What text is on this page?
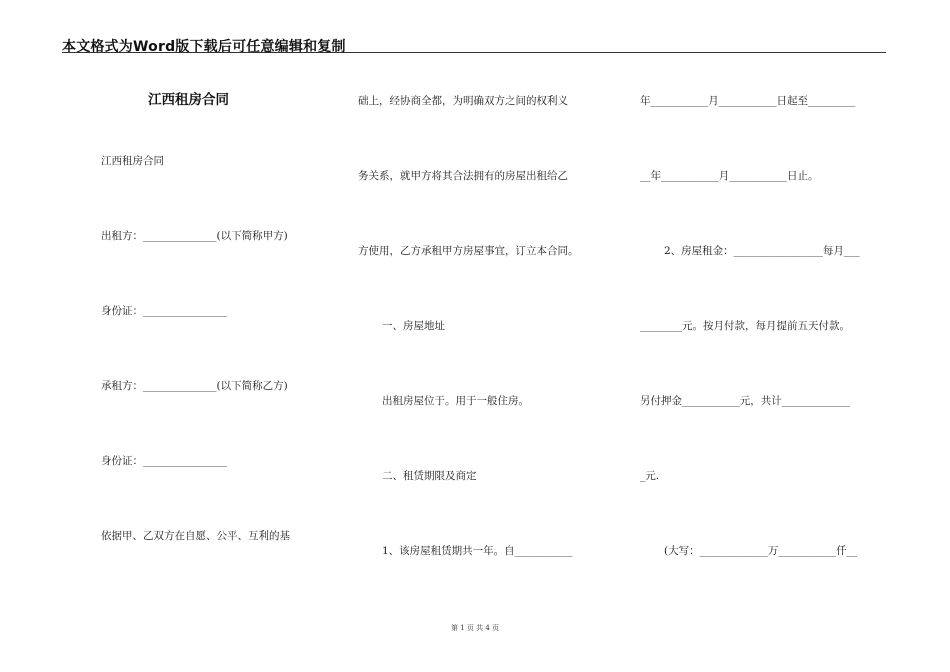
本文格式为Word版下载后可任意编辑和复制
江西租房合同
江西租房合同
出租方：______________(以下简称甲方)
身份证：________________
承租方：______________(以下简称乙方)
身份证：________________
依据甲、乙双方在自愿、公平、互利的基
础上，经协商全都，为明确双方之间的权利义
务关系，就甲方将其合法拥有的房屋出租给乙
方使用，乙方承租甲方房屋事宜，订立本合同。
一、房屋地址
出租房屋位于。用于一般住房。
二、租赁期限及商定
1、该房屋租赁期共一年。自___________
年___________月___________日起至_________
__年___________月___________日止。
2、房屋租金：_________________每月___
________元。按月付款，每月提前五天付款。
另付押金___________元，共计_____________
_元.
(大写：_____________万___________仟__
第 1 页 共 4 页
